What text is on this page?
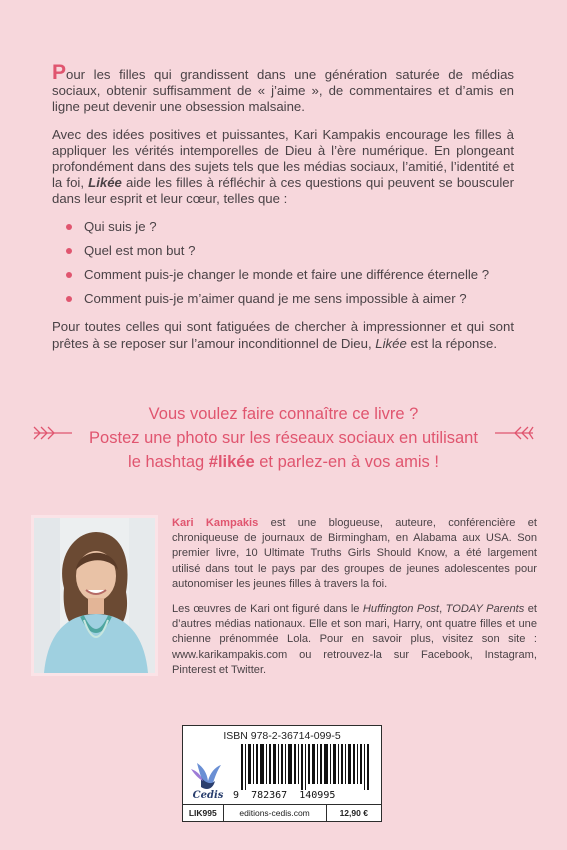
Pour les filles qui grandissent dans une génération saturée de médias sociaux, obtenir suffisamment de « j’aime », de commentaires et d’amis en ligne peut devenir une obsession malsaine.

Avec des idées positives et puissantes, Kari Kampakis encourage les filles à appliquer les vérités intemporelles de Dieu à l’ère numérique. En plongeant profondément dans des sujets tels que les médias sociaux, l’amitié, l’identité et la foi, Likée aide les filles à réfléchir à ces questions qui peuvent se bousculer dans leur esprit et leur cœur, telles que :

Qui suis je ?
Quel est mon but ?
Comment puis-je changer le monde et faire une différence éternelle ?
Comment puis-je m’aimer quand je me sens impossible à aimer ?

Pour toutes celles qui sont fatiguées de chercher à impressionner et qui sont prêtes à se reposer sur l’amour inconditionnel de Dieu, Likée est la réponse.

Vous voulez faire connaître ce livre ?
Postez une photo sur les réseaux sociaux en utilisant
le hashtag #likée et parlez-en à vos amis !

Kari Kampakis est une blogueuse, auteure, conférencière et chroniqueuse de journaux de Birmingham, en Alabama aux USA. Son premier livre, 10 Ultimate Truths Girls Should Know, a été largement utilisé dans tout le pays par des groupes de jeunes adolescentes pour autonomiser les jeunes filles à travers la foi.

Les œuvres de Kari ont figuré dans le Huffington Post, TODAY Parents et d’autres médias nationaux. Elle et son mari, Harry, ont quatre filles et une chienne prénommée Lola. Pour en savoir plus, visitez son site : www.karikampakis.com ou retrouvez-la sur Facebook, Instagram, Pinterest et Twitter.

ISBN 978-2-36714-099-5
Cedis 9 782367 140995
LIK995	editions-cedis.com	12,90 €
